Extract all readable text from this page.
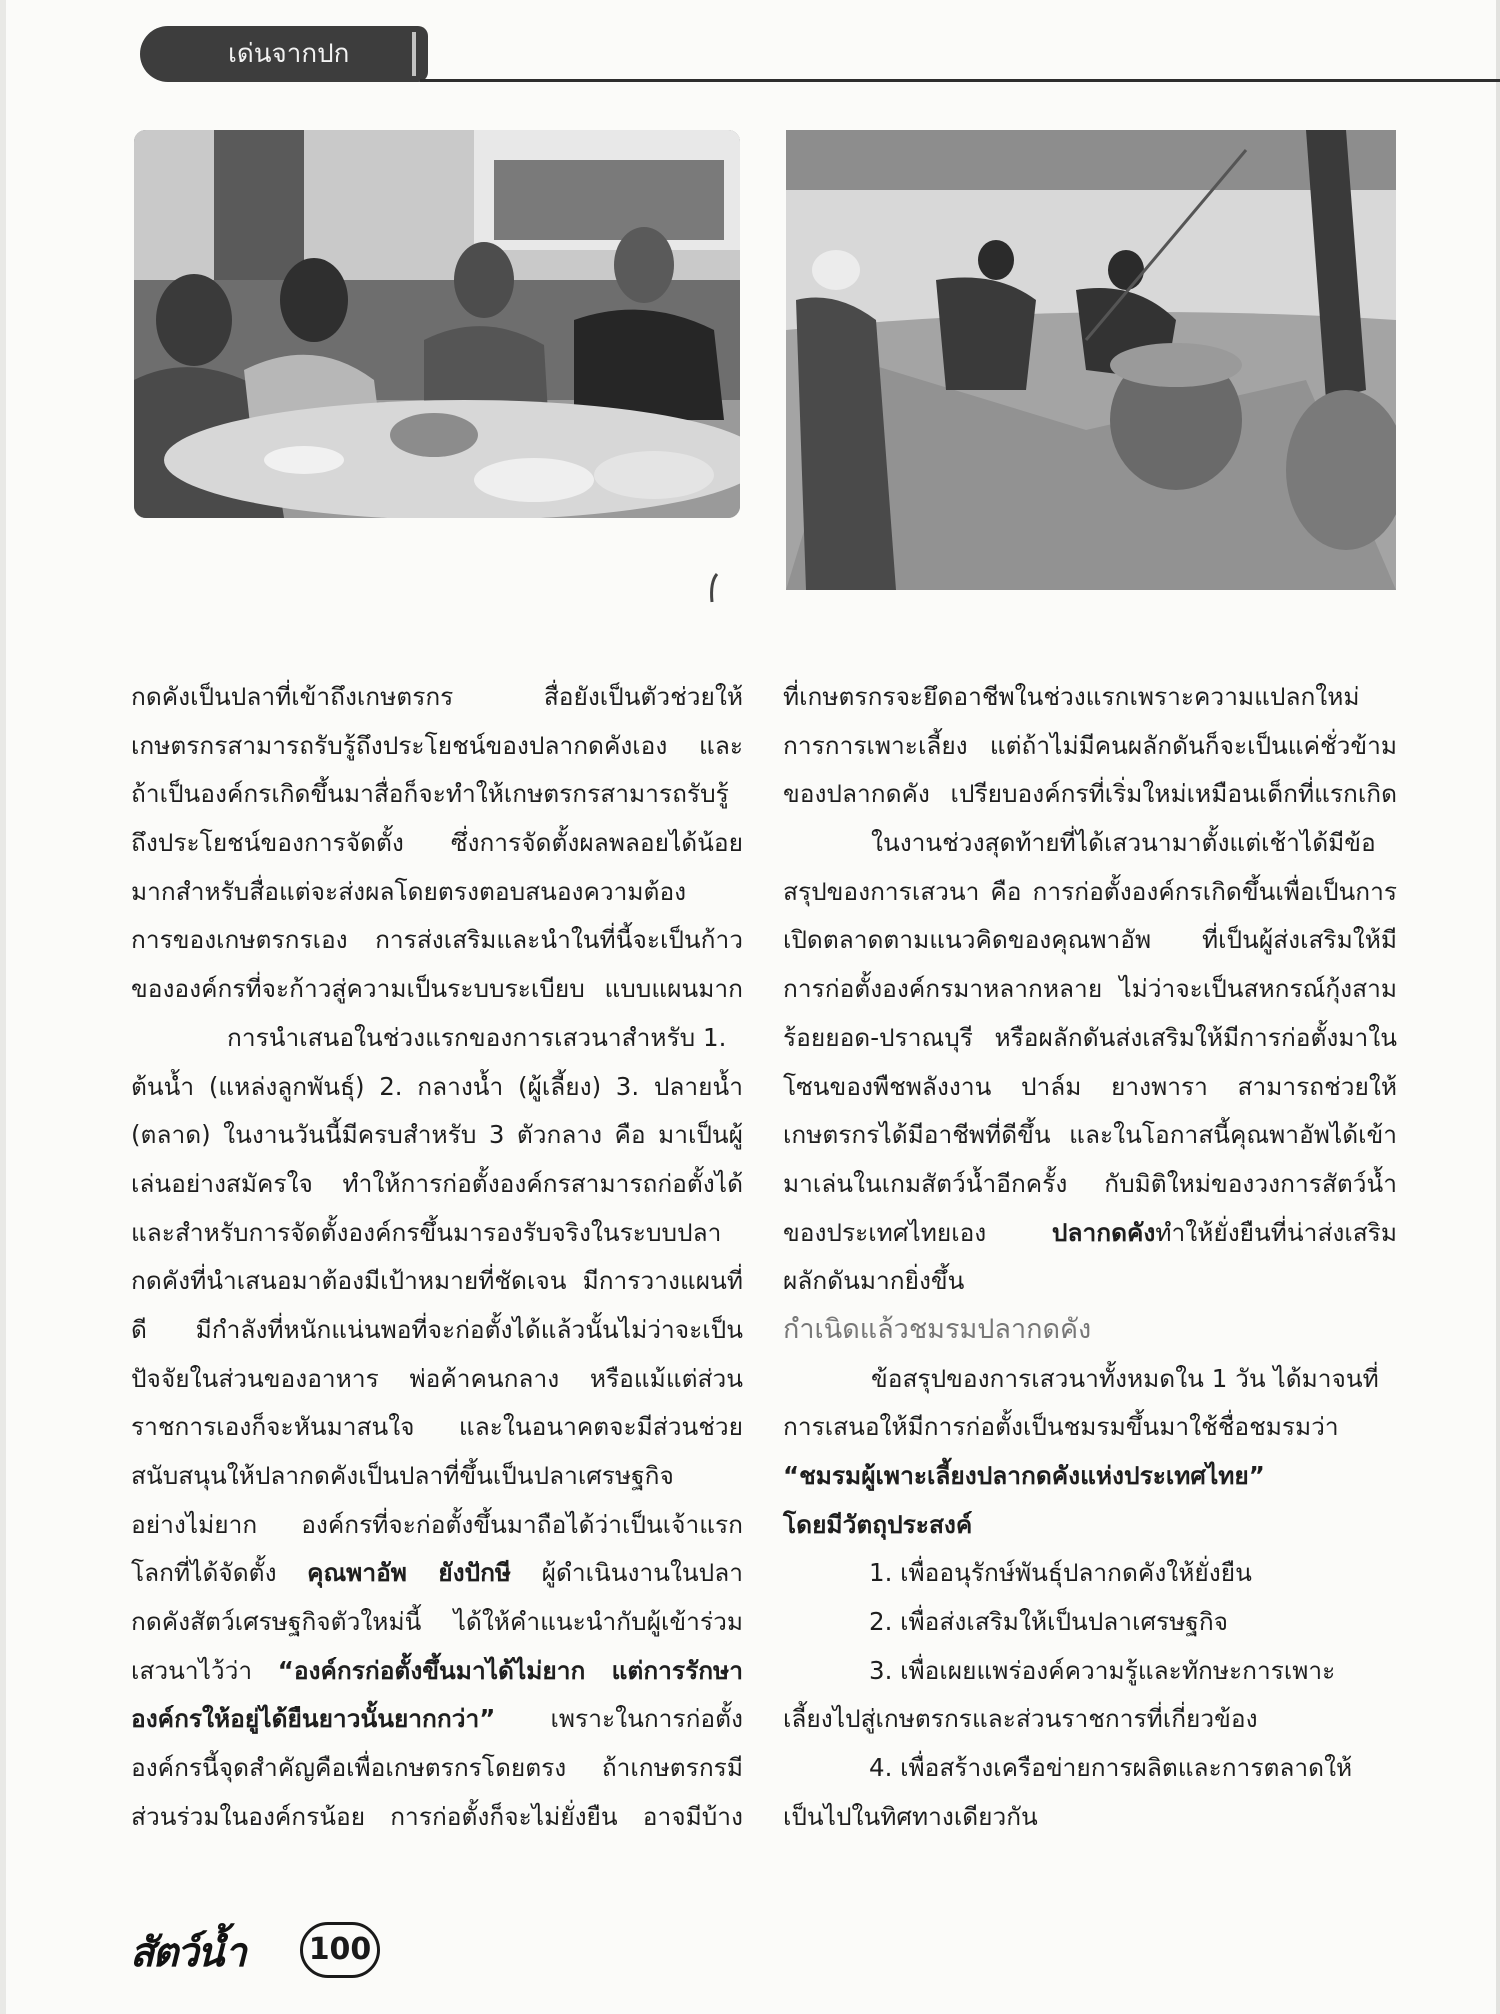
เด่นจากปก
กดคังเป็นปลาที่เข้าถึงเกษตรกร สื่อยังเป็นตัวช่วยให้
เกษตรกรสามารถรับรู้ถึงประโยชน์ของปลากดคังเอง และ
ถ้าเป็นองค์กรเกิดขึ้นมาสื่อก็จะทำให้เกษตรกรสามารถรับรู้
ถึงประโยชน์ของการจัดตั้ง ซึ่งการจัดตั้งผลพลอยได้น้อย
มากสำหรับสื่อแต่จะส่งผลโดยตรงตอบสนองความต้อง
การของเกษตรกรเอง การส่งเสริมและนำในที่นี้จะเป็นก้าว
ขององค์กรที่จะก้าวสู่ความเป็นระบบระเบียบ แบบแผนมาก
การนำเสนอในช่วงแรกของการเสวนาสำหรับ 1.
ต้นน้ำ (แหล่งลูกพันธุ์) 2. กลางน้ำ (ผู้เลี้ยง) 3. ปลายน้ำ
(ตลาด) ในงานวันนี้มีครบสำหรับ 3 ตัวกลาง คือ มาเป็นผู้
เล่นอย่างสมัครใจ ทำให้การก่อตั้งองค์กรสามารถก่อตั้งได้
และสำหรับการจัดตั้งองค์กรขึ้นมารองรับจริงในระบบปลา
กดคังที่นำเสนอมาต้องมีเป้าหมายที่ชัดเจน มีการวางแผนที่
ดี มีกำลังที่หนักแน่นพอที่จะก่อตั้งได้แล้วนั้นไม่ว่าจะเป็น
ปัจจัยในส่วนของอาหาร พ่อค้าคนกลาง หรือแม้แต่ส่วน
ราชการเองก็จะหันมาสนใจ และในอนาคตจะมีส่วนช่วย
สนับสนุนให้ปลากดคังเป็นปลาที่ขึ้นเป็นปลาเศรษฐกิจ
อย่างไม่ยาก องค์กรที่จะก่อตั้งขึ้นมาถือได้ว่าเป็นเจ้าแรก
โลกที่ได้จัดตั้ง คุณพาอัพ ยังปักษี ผู้ดำเนินงานในปลา
กดคังสัตว์เศรษฐกิจตัวใหม่นี้ ได้ให้คำแนะนำกับผู้เข้าร่วม
เสวนาไว้ว่า “องค์กรก่อตั้งขึ้นมาได้ไม่ยาก แต่การรักษา
องค์กรให้อยู่ได้ยืนยาวนั้นยากกว่า” เพราะในการก่อตั้ง
องค์กรนี้จุดสำคัญคือเพื่อเกษตรกรโดยตรง ถ้าเกษตรกรมี
ส่วนร่วมในองค์กรน้อย การก่อตั้งก็จะไม่ยั่งยืน อาจมีบ้าง
ที่เกษตรกรจะยึดอาชีพในช่วงแรกเพราะความแปลกใหม่
การการเพาะเลี้ยง แต่ถ้าไม่มีคนผลักดันก็จะเป็นแค่ชั่วข้าม
ของปลากดคัง เปรียบองค์กรที่เริ่มใหม่เหมือนเด็กที่แรกเกิด
ในงานช่วงสุดท้ายที่ได้เสวนามาตั้งแต่เช้าได้มีข้อ
สรุปของการเสวนา คือ การก่อตั้งองค์กรเกิดขึ้นเพื่อเป็นการ
เปิดตลาดตามแนวคิดของคุณพาอัพ ที่เป็นผู้ส่งเสริมให้มี
การก่อตั้งองค์กรมาหลากหลาย ไม่ว่าจะเป็นสหกรณ์กุ้งสาม
ร้อยยอด-ปราณบุรี หรือผลักดันส่งเสริมให้มีการก่อตั้งมาใน
โซนของพืชพลังงาน ปาล์ม ยางพารา สามารถช่วยให้
เกษตรกรได้มีอาชีพที่ดีขึ้น และในโอกาสนี้คุณพาอัพได้เข้า
มาเล่นในเกมสัตว์น้ำอีกครั้ง กับมิติใหม่ของวงการสัตว์น้ำ
ของประเทศไทยเอง ปลากดคังทำให้ยั่งยืนที่น่าส่งเสริม
ผลักดันมากยิ่งขึ้น
กำเนิดแล้วชมรมปลากดคัง
ข้อสรุปของการเสวนาทั้งหมดใน 1 วัน ได้มาจนที่
การเสนอให้มีการก่อตั้งเป็นชมรมขึ้นมาใช้ชื่อชมรมว่า
“ชมรมผู้เพาะเลี้ยงปลากดคังแห่งประเทศไทย”
โดยมีวัตถุประสงค์
1. เพื่ออนุรักษ์พันธุ์ปลากดคังให้ยั่งยืน
2. เพื่อส่งเสริมให้เป็นปลาเศรษฐกิจ
3. เพื่อเผยแพร่องค์ความรู้และทักษะการเพาะ
เลี้ยงไปสู่เกษตรกรและส่วนราชการที่เกี่ยวข้อง
4. เพื่อสร้างเครือข่ายการผลิตและการตลาดให้
เป็นไปในทิศทางเดียวกัน
สัตว์น้ำ	100
